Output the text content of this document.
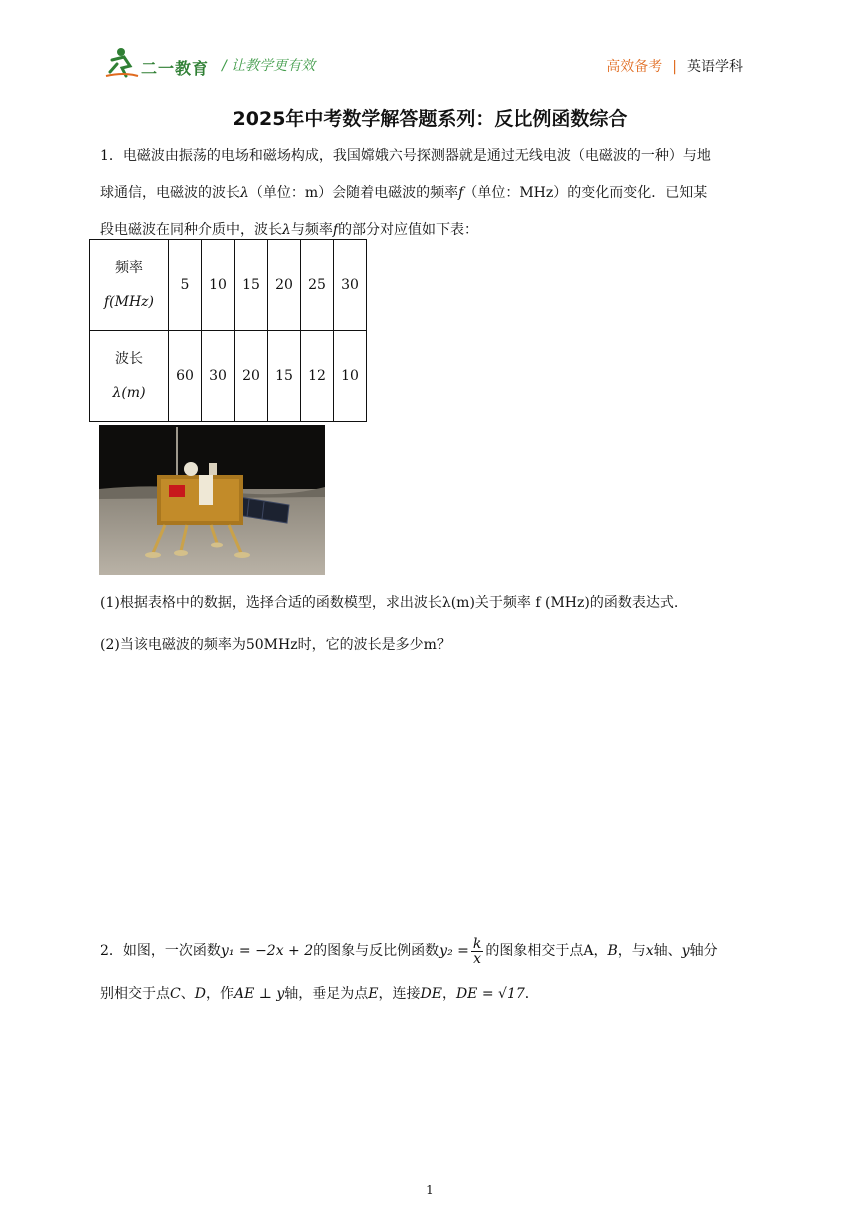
二一教育 / 让教学更有效	高效备考 | 英语学科
2025年中考数学解答题系列：反比例函数综合
1．电磁波由振荡的电场和磁场构成，我国嫦娥六号探测器就是通过无线电波（电磁波的一种）与地
球通信，电磁波的波长λ（单位：m）会随着电磁波的频率f（单位：MHz）的变化而变化．已知某
段电磁波在同种介质中，波长λ与频率f的部分对应值如下表：
频率
f(MHz)	5	10	15	20	25	30

波长
λ(m)	60	30	20	15	12	10
(1)根据表格中的数据，选择合适的函数模型，求出波长λ(m)关于频率 f (MHz)的函数表达式.
(2)当该电磁波的频率为50MHz时，它的波长是多少m？
2．如图，一次函数y₁ = −2x + 2的图象与反比例函数$y_2 = \frac{k}{x}$ 的图象相交于点A，B，与x轴、y轴分
别相交于点C、D，作AE ⊥ y轴，垂足为点E，连接DE，DE = √17．
1
